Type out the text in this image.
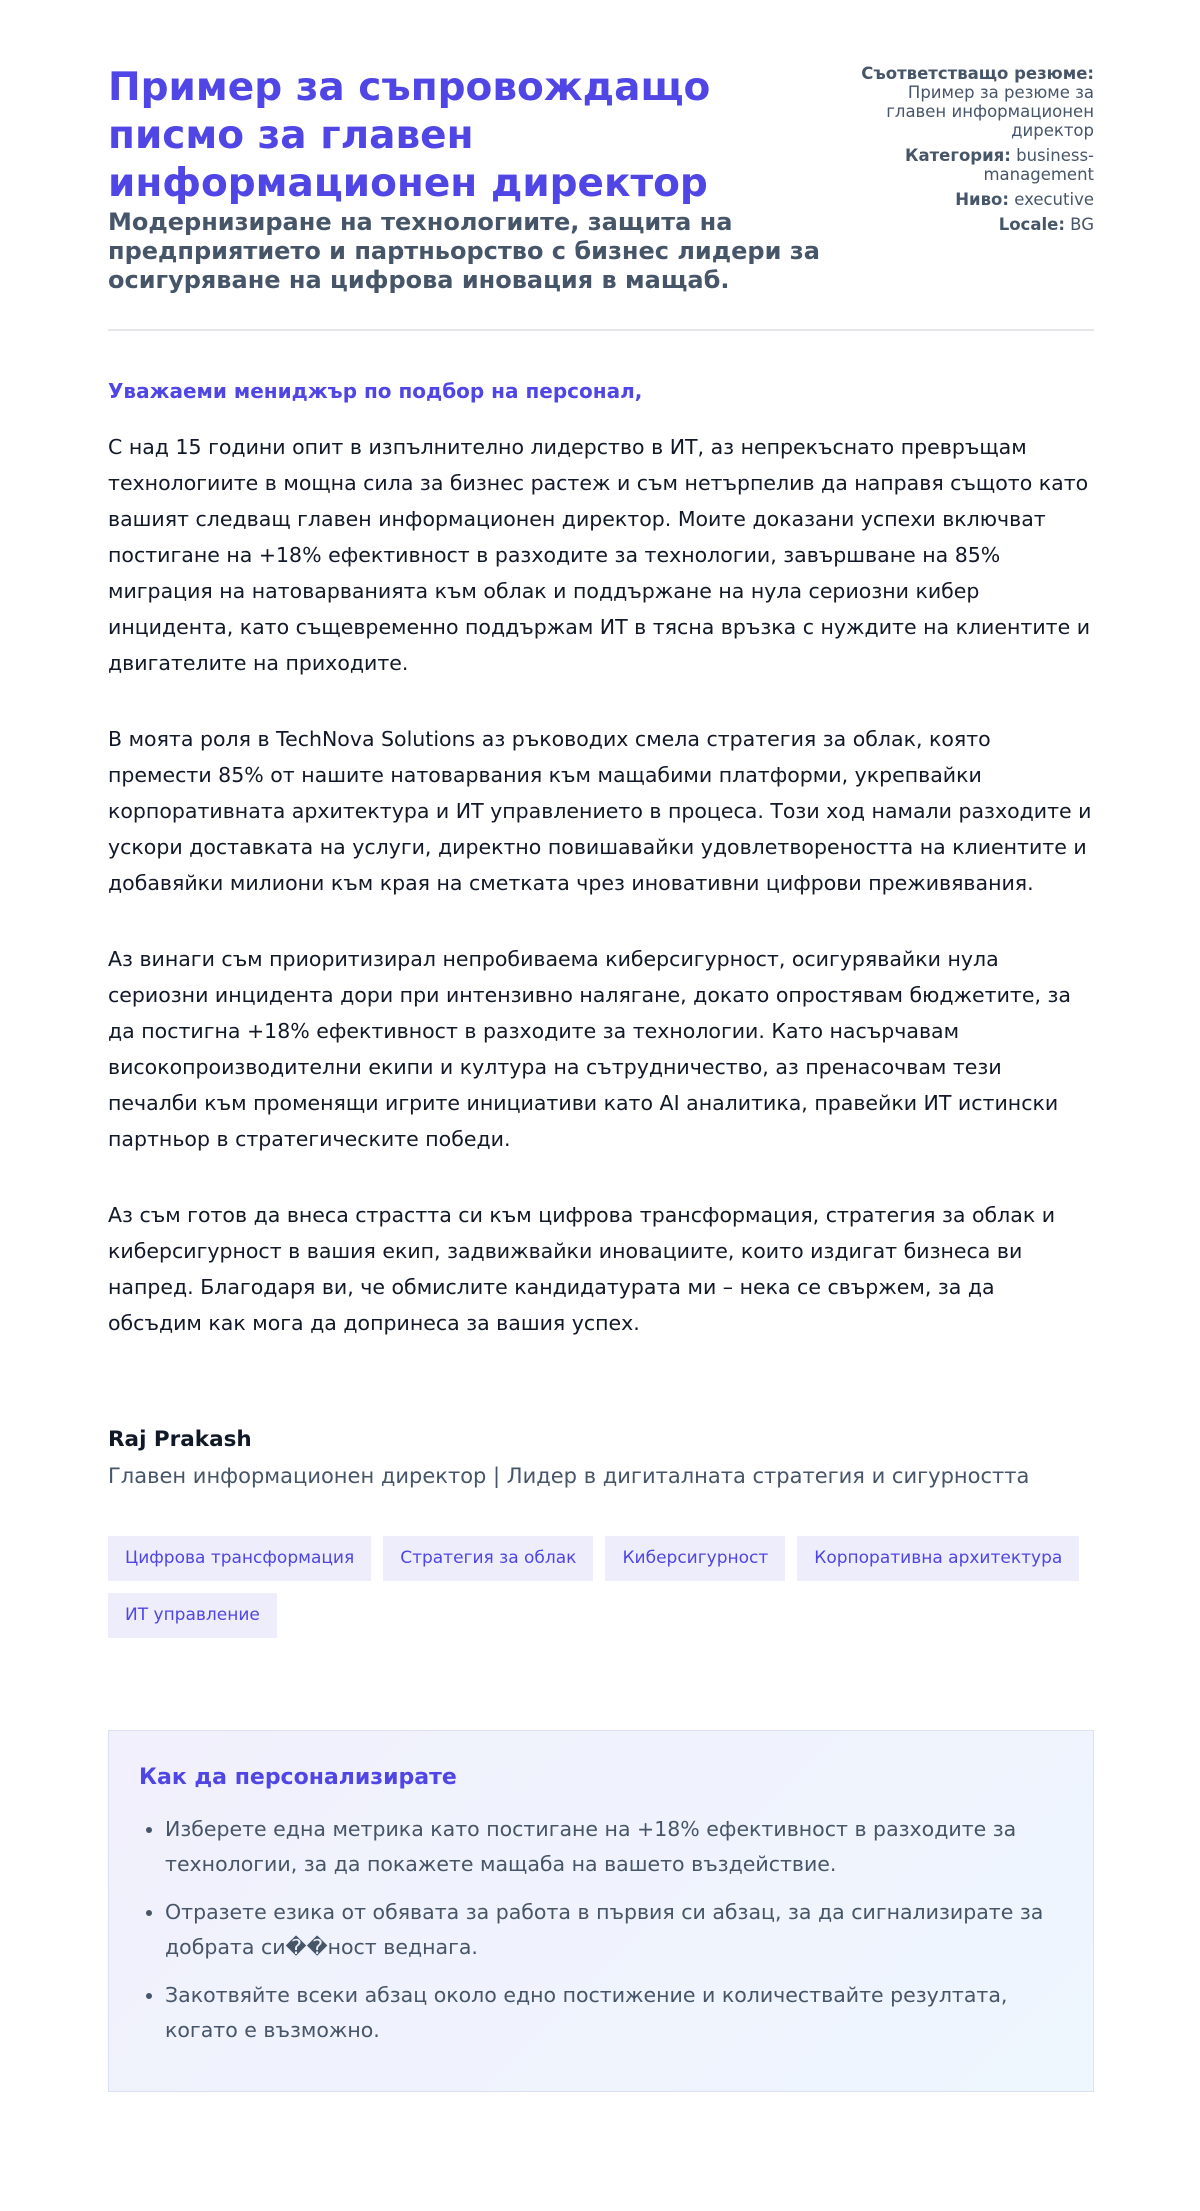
Пример за съпровождащо писмо за главен информационен директор

Модернизиране на технологиите, защита на предприятието и партньорство с бизнес лидери за осигуряване на цифрова иновация в мащаб.

Съответстващо резюме:
Пример за резюме за главен информационен директор
Категория: business-management
Ниво: executive
Locale: BG

Уважаеми мениджър по подбор на персонал,

С над 15 години опит в изпълнително лидерство в ИТ, аз непрекъснато превръщам технологиите в мощна сила за бизнес растеж и съм нетърпелив да направя същото като вашият следващ главен информационен директор. Моите доказани успехи включват постигане на +18% ефективност в разходите за технологии, завършване на 85% миграция на натоварванията към облак и поддържане на нула сериозни кибер инцидента, като същевременно поддържам ИТ в тясна връзка с нуждите на клиентите и двигателите на приходите.

В моята роля в TechNova Solutions аз ръководих смела стратегия за облак, която премести 85% от нашите натоварвания към мащабими платформи, укрепвайки корпоративната архитектура и ИТ управлението в процеса. Този ход намали разходите и ускори доставката на услуги, директно повишавайки удовлетвореността на клиентите и добавяйки милиони към края на сметката чрез иновативни цифрови преживявания.

Аз винаги съм приоритизирал непробиваема киберсигурност, осигурявайки нула сериозни инцидента дори при интензивно налягане, докато опростявам бюджетите, за да постигна +18% ефективност в разходите за технологии. Като насърчавам високопроизводителни екипи и култура на сътрудничество, аз пренасочвам тези печалби към променящи игрите инициативи като AI аналитика, правейки ИТ истински партньор в стратегическите победи.

Аз съм готов да внеса страстта си към цифрова трансформация, стратегия за облак и киберсигурност в вашия екип, задвижвайки иновациите, които издигат бизнеса ви напред. Благодаря ви, че обмислите кандидатурата ми – нека се свържем, за да обсъдим как мога да допринеса за вашия успех.

Raj Prakash
Главен информационен директор | Лидер в дигиталната стратегия и сигурността
Цифрова трансформация	Стратегия за облак	Киберсигурност	Корпоративна архитектура
ИТ управление
Как да персонализирате
• Изберете една метрика като постигане на +18% ефективност в разходите за технологии, за да покажете мащаба на вашето въздействие.
• Отразете езика от обявата за работа в първия си абзац, за да сигнализирате за добрата си��ност веднага.
• Закотвяйте всеки абзац около едно постижение и количествайте резултата, когато е възможно.
